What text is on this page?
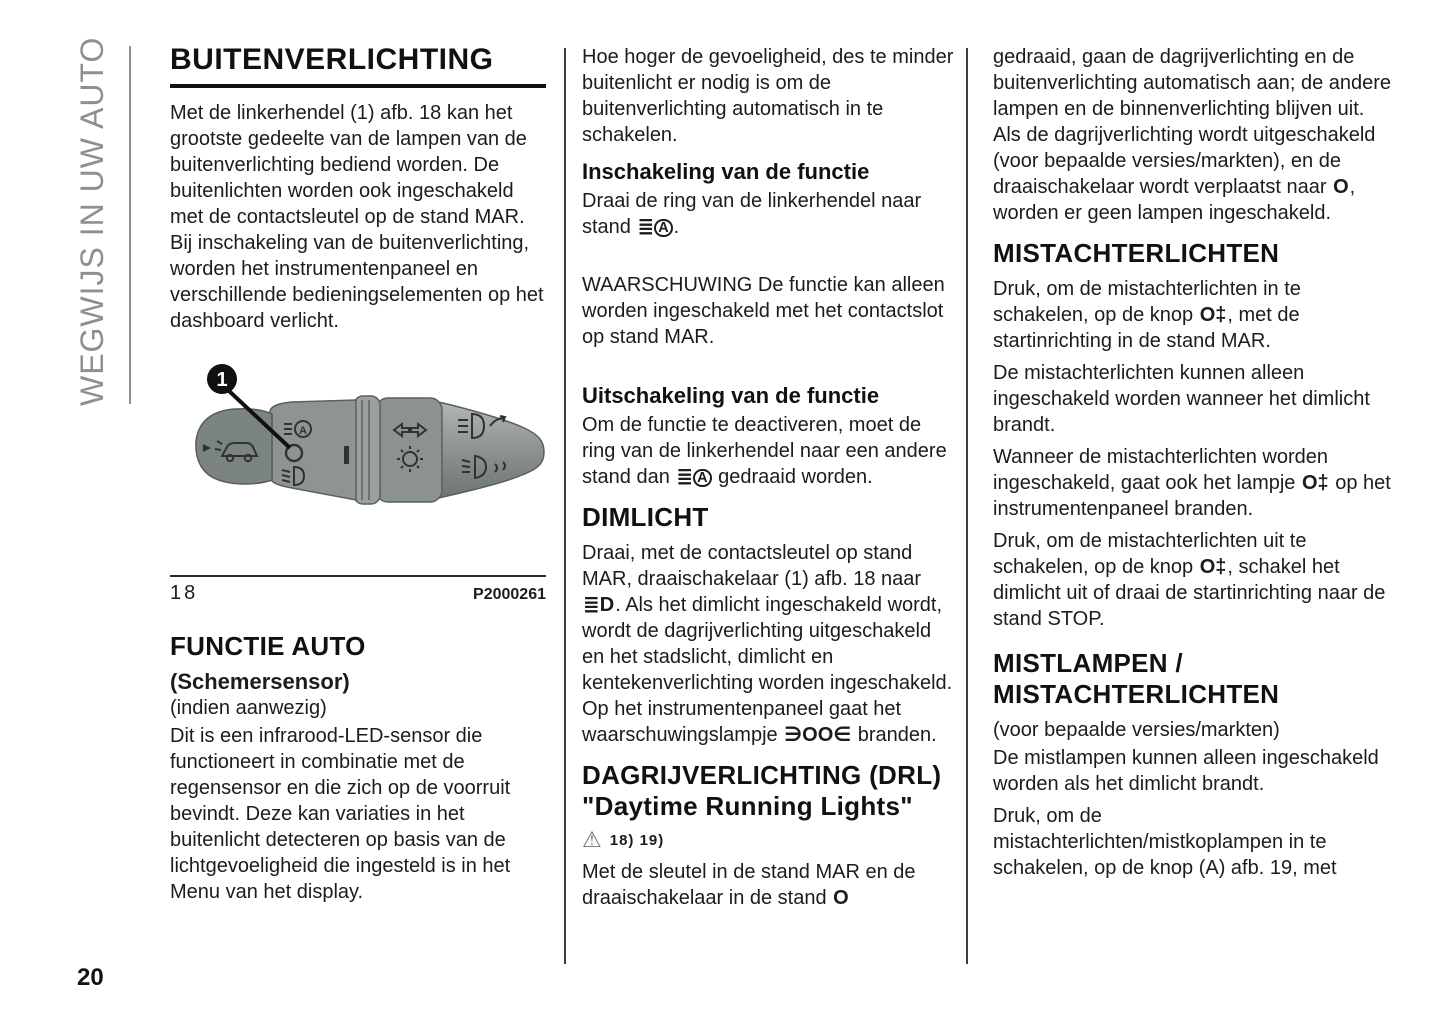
WEGWIJS IN UW AUTO	BUITENVERLICHTING

Met de linkerhendel (1) afb. 18 kan het grootste gedeelte van de lampen van de buitenverlichting bediend worden. De buitenlichten worden ook ingeschakeld met de contactsleutel op de stand MAR. Bij inschakeling van de buitenverlichting, worden het instrumentenpaneel en verschillende bedieningselementen op het dashboard verlicht.

A
1
18	P2000261
FUNCTIE AUTO

(Schemersensor)

(indien aanwezig)

Dit is een infrarood-LED-sensor die functioneert in combinatie met de regensensor en die zich op de voorruit bevindt. Deze kan variaties in het buitenlicht detecteren op basis van de lichtgevoeligheid die ingesteld is in het Menu van het display.

Hoe hoger de gevoeligheid, des te minder buitenlicht er nodig is om de buitenverlichting automatisch in te schakelen.

Inschakeling van de functie

Draai de ring van de linkerhendel naar stand ≣ A .

WAARSCHUWING De functie kan alleen worden ingeschakeld met het contactslot op stand MAR.

Uitschakeling van de functie

Om de functie te deactiveren, moet de ring van de linkerhendel naar een andere stand dan ≣ A gedraaid worden.

DIMLICHT

Draai, met de contactsleutel op stand MAR, draaischakelaar (1) afb. 18 naar ≣D. Als het dimlicht ingeschakeld wordt, wordt de dagrijverlichting uitgeschakeld en het stadslicht, dimlicht en kentekenverlichting worden ingeschakeld. Op het instrumentenpaneel gaat het waarschuwingslampje ∋ΟΟ∈ branden.

DAGRIJVERLICHTING (DRL) "Daytime Running Lights"
⚠ 18) 19)

Met de sleutel in de stand MAR en de draaischakelaar in de stand Ο

gedraaid, gaan de dagrijverlichting en de buitenverlichting automatisch aan; de andere lampen en de binnenverlichting blijven uit. Als de dagrijverlichting wordt uitgeschakeld (voor bepaalde versies/markten), en de draaischakelaar wordt verplaatst naar Ο, worden er geen lampen ingeschakeld.

MISTACHTERLICHTEN

Druk, om de mistachterlichten in te schakelen, op de knop Ο‡, met de startinrichting in de stand MAR.

De mistachterlichten kunnen alleen ingeschakeld worden wanneer het dimlicht brandt.

Wanneer de mistachterlichten worden ingeschakeld, gaat ook het lampje Ο‡ op het instrumentenpaneel branden.

Druk, om de mistachterlichten uit te schakelen, op de knop Ο‡, schakel het dimlicht uit of draai de startinrichting naar de stand STOP.

MISTLAMPEN / MISTACHTERLICHTEN

(voor bepaalde versies/markten)

De mistlampen kunnen alleen ingeschakeld worden als het dimlicht brandt.

Druk, om de mistachterlichten/mistkoplampen in te schakelen, op de knop (A) afb. 19, met

20
